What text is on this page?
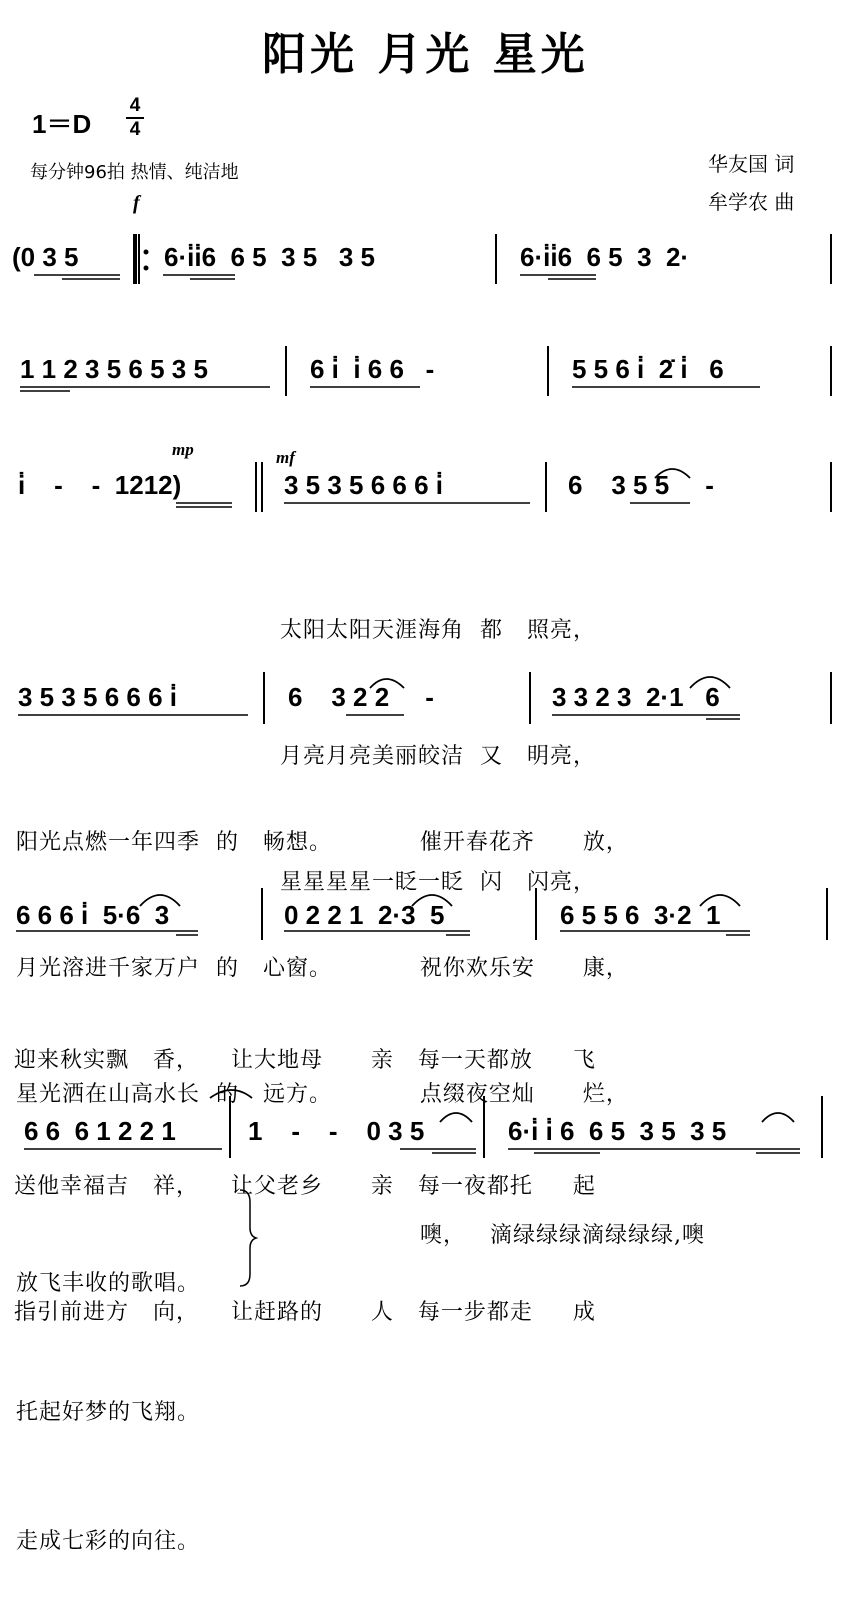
阳光 月光 星光
1＝D
4
4
每分钟96拍 热情、纯洁地	华友国 词
牟学农 曲
f
mp	mf
(0 3 5	6·i̇i̇6  6 5  3 5   3 5	6·i̇i̇6  6 5  3  2·
1 1 2 3 5 6 5 3 5	6 i̇  i̇ 6 6   -	5 5 6 i̇  2̇ i̇   6
i̇    -    -  1212)	3 5 3 5 6 6 6 i̇	6    3 5 5     -

太阳太阳天涯海角  都   照亮，

月亮月亮美丽皎洁  又   明亮，

星星星星一眨一眨  闪   闪亮，

3 5 3 5 6 6 6 i̇	6    3 2 2     -	3 3 2 3  2·1   6

阳光点燃一年四季  的   畅想。           催开春花齐      放，

月光溶进千家万户  的   心窗。           祝你欢乐安      康，

星光洒在山高水长  的   远方。           点缀夜空灿      烂，

6 6 6 i̇  5·6  3	0 2 2 1  2·3  5	6 5 5 6  3·2  1

迎来秋实飘   香，    让大地母      亲   每一天都放     飞

送他幸福吉   祥，    让父老乡      亲   每一夜都托     起

指引前进方   向，    让赶路的      人   每一步都走     成

6 6  6 1 2 2 1	1    -    -    0 3 5	6·i̇ i̇ 6  6 5  3 5  3 5

放飞丰收的歌唱。

托起好梦的飞翔。

走成七彩的向往。

噢，   滴绿绿绿滴绿绿绿,噢
